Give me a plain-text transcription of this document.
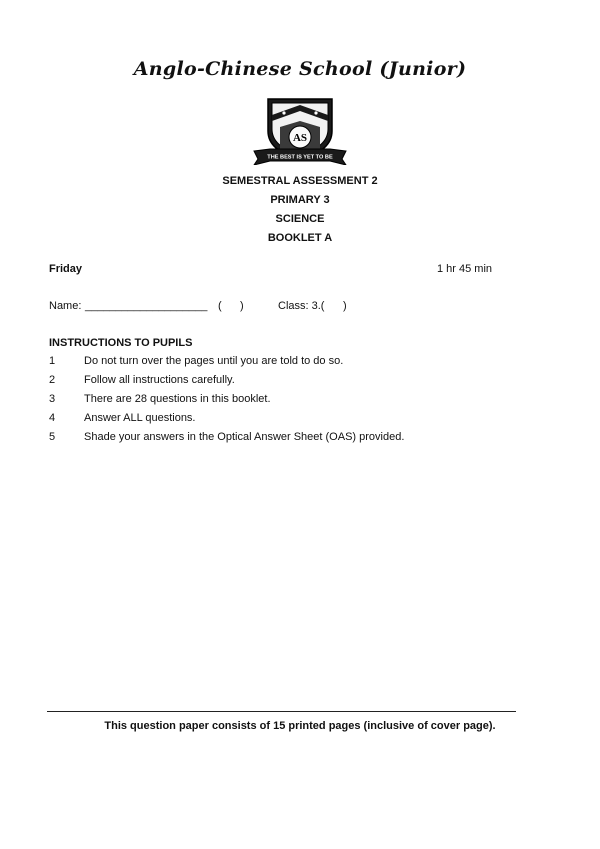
Anglo-Chinese School (Junior)
AS
THE BEST IS YET TO BE
SEMESTRAL ASSESSMENT 2
PRIMARY 3
SCIENCE
BOOKLET A
Friday	1 hr 45 min
Name: ____________________ (      )	Class: 3.( )
INSTRUCTIONS TO PUPILS
1	Do not turn over the pages until you are told to do so.
2	Follow all instructions carefully.
3	There are 28 questions in this booklet.
4	Answer ALL questions.
5	Shade your answers in the Optical Answer Sheet (OAS) provided.
This question paper consists of 15 printed pages (inclusive of cover page).
